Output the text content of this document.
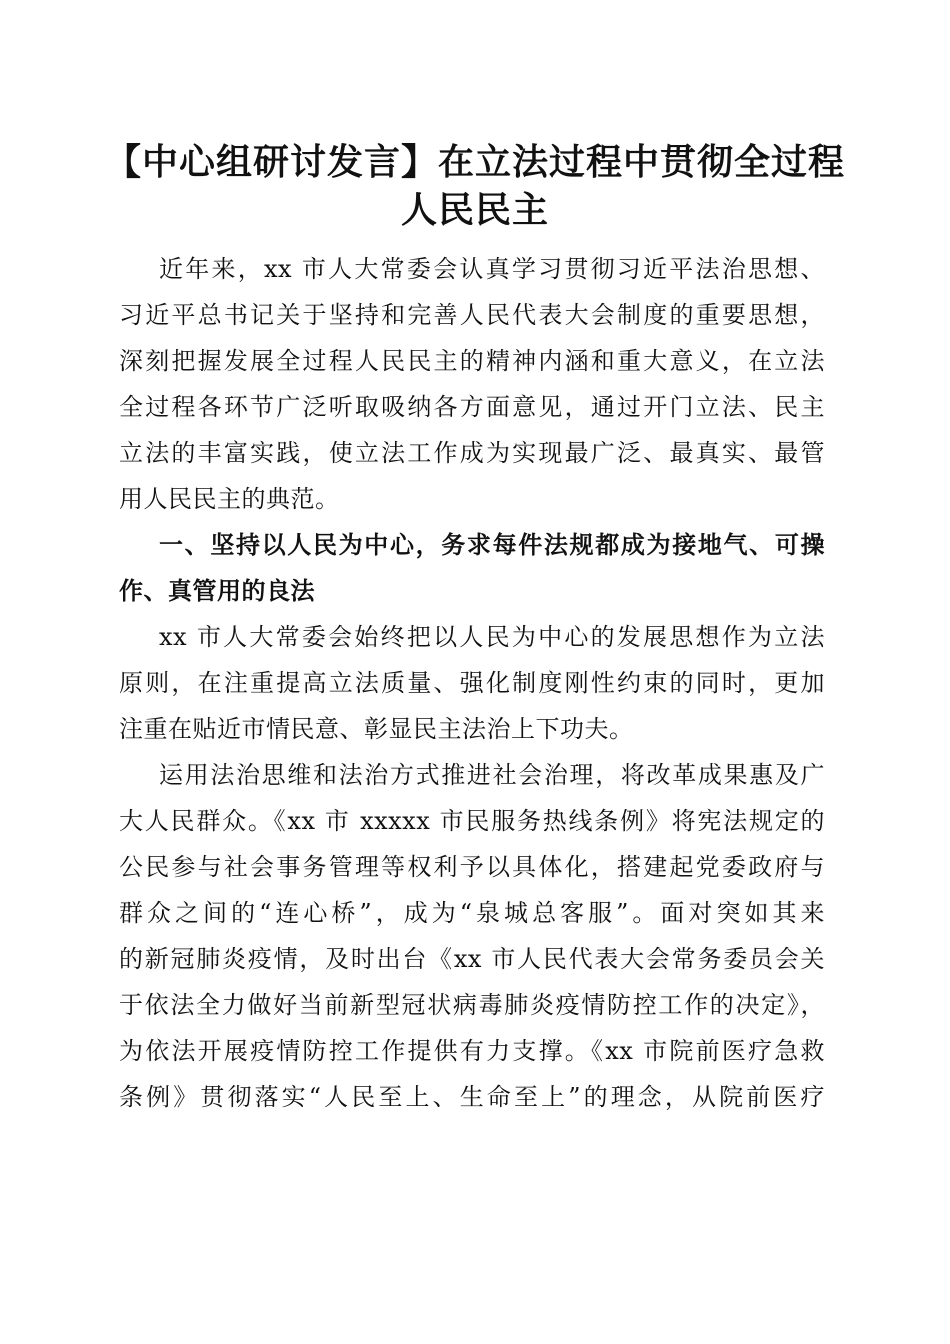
【中心组研讨发言】在立法过程中贯彻全过程
人民民主
近年来，xx 市人大常委会认真学习贯彻习近平法治思想、
习近平总书记关于坚持和完善人民代表大会制度的重要思想，
深刻把握发展全过程人民民主的精神内涵和重大意义，在立法
全过程各环节广泛听取吸纳各方面意见，通过开门立法、民主
立法的丰富实践，使立法工作成为实现最广泛、最真实、最管
用人民民主的典范。
一、坚持以人民为中心，务求每件法规都成为接地气、可操
作、真管用的良法
xx 市人大常委会始终把以人民为中心的发展思想作为立法
原则，在注重提高立法质量、强化制度刚性约束的同时，更加
注重在贴近市情民意、彰显民主法治上下功夫。
运用法治思维和法治方式推进社会治理，将改革成果惠及广
大人民群众。《xx 市 xxxxx 市民服务热线条例》将宪法规定的
公民参与社会事务管理等权利予以具体化，搭建起党委政府与
群众之间的“连心桥”，成为“泉城总客服”。面对突如其来
的新冠肺炎疫情，及时出台《xx 市人民代表大会常务委员会关
于依法全力做好当前新型冠状病毒肺炎疫情防控工作的决定》，
为依法开展疫情防控工作提供有力支撑。《xx 市院前医疗急救
条例》贯彻落实“人民至上、生命至上”的理念，从院前医疗
